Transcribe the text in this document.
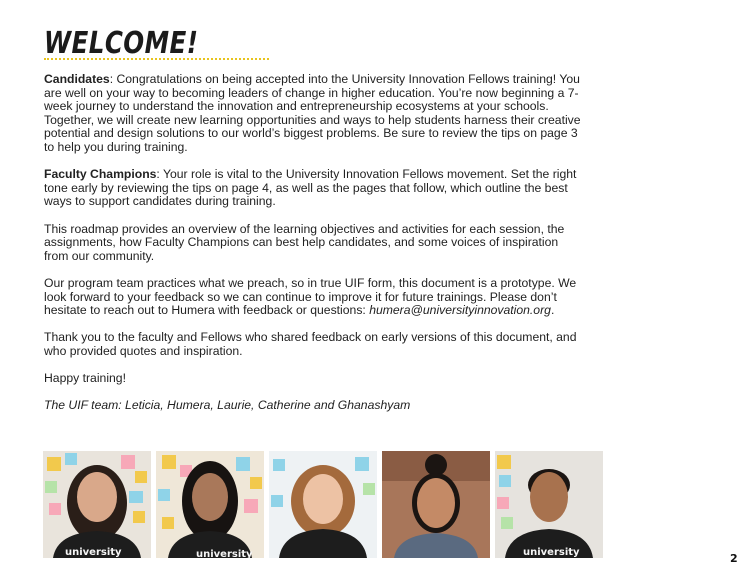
WELCOME!

Candidates: Congratulations on being accepted into the University Innovation Fellows training! You are well on your way to becoming leaders of change in higher education. You’re now beginning a 7-week journey to understand the innovation and entrepreneurship ecosystems at your schools. Together, we will create new learning opportunities and ways to help students harness their creative potential and design solutions to our world’s biggest problems. Be sure to review the tips on page 3 to help you during training.

Faculty Champions: Your role is vital to the University Innovation Fellows movement. Set the right tone early by reviewing the tips on page 4, as well as the pages that follow, which outline the best ways to support candidates during training.

This roadmap provides an overview of the learning objectives and activities for each session, the assignments, how Faculty Champions can best help candidates, and some voices of inspiration from our community.

Our program team practices what we preach, so in true UIF form, this document is a prototype. We look forward to your feedback so we can continue to improve it for future trainings. Please don’t hesitate to reach out to Humera with feedback or questions: humera@universityinnovation.org.

Thank you to the faculty and Fellows who shared feedback on early versions of this document, and who provided quotes and inspiration.

Happy training!

The UIF team: Leticia, Humera, Laurie, Catherine and Ghanashyam

university	university	university	2
